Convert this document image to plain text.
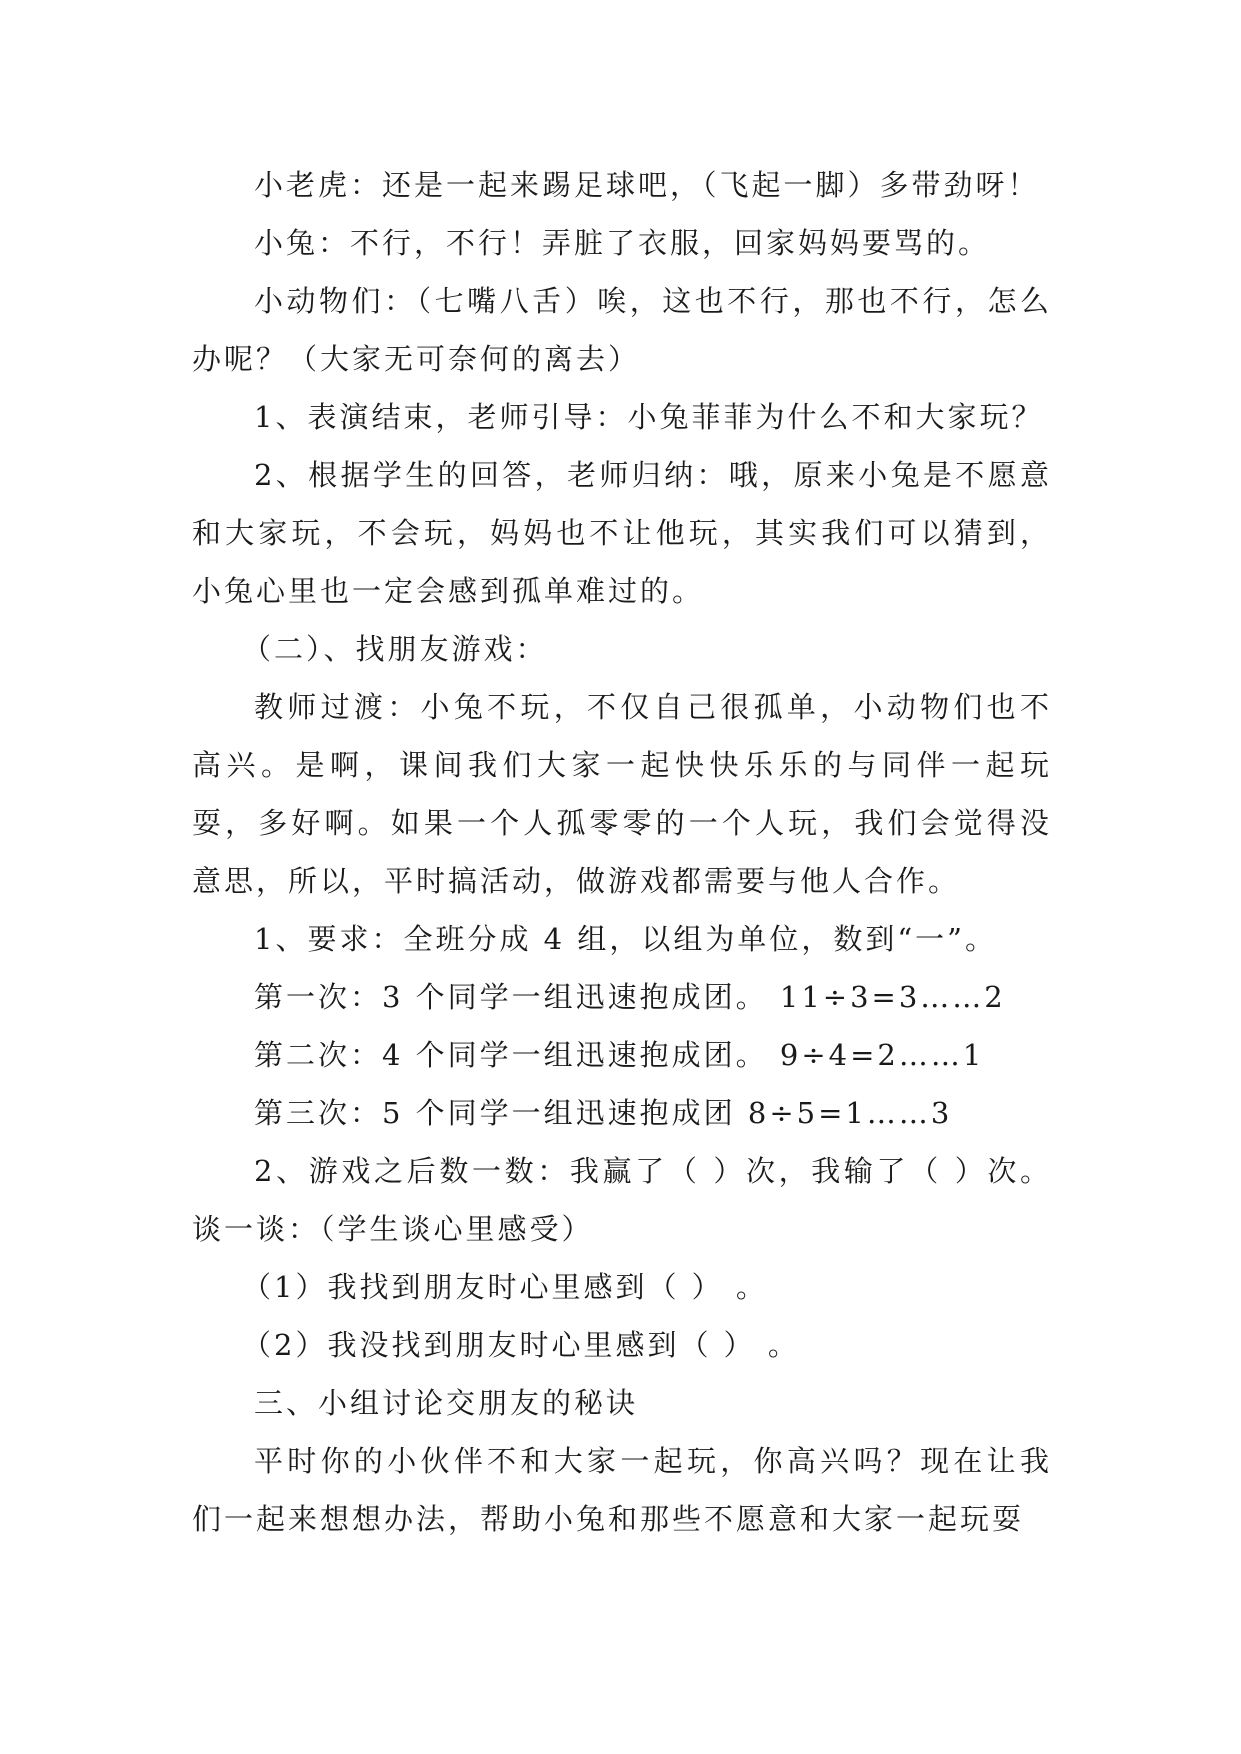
小老虎：还是一起来踢足球吧，（飞起一脚）多带劲呀！

小兔：不行，不行！弄脏了衣服，回家妈妈要骂的。

小动物们：（七嘴八舌）唉，这也不行，那也不行，怎么办呢？（大家无可奈何的离去）

1、表演结束，老师引导：小兔菲菲为什么不和大家玩？

2、根据学生的回答，老师归纳：哦，原来小兔是不愿意和大家玩，不会玩，妈妈也不让他玩，其实我们可以猜到，小兔心里也一定会感到孤单难过的。

（二）、找朋友游戏：

教师过渡：小兔不玩，不仅自己很孤单，小动物们也不高兴。是啊，课间我们大家一起快快乐乐的与同伴一起玩耍，多好啊。如果一个人孤零零的一个人玩，我们会觉得没意思，所以，平时搞活动，做游戏都需要与他人合作。

1、要求：全班分成 4 组，以组为单位，数到“一”。

第一次：3 个同学一组迅速抱成团。 11÷3=3……2

第二次：4 个同学一组迅速抱成团。 9÷4=2……1

第三次：5 个同学一组迅速抱成团 8÷5=1……3

2、游戏之后数一数：我赢了（ ）次，我输了（ ）次。谈一谈：（学生谈心里感受）

（1）我找到朋友时心里感到（ ） 。

（2）我没找到朋友时心里感到（ ） 。

三、小组讨论交朋友的秘诀

平时你的小伙伴不和大家一起玩，你高兴吗？现在让我们一起来想想办法，帮助小兔和那些不愿意和大家一起玩耍
